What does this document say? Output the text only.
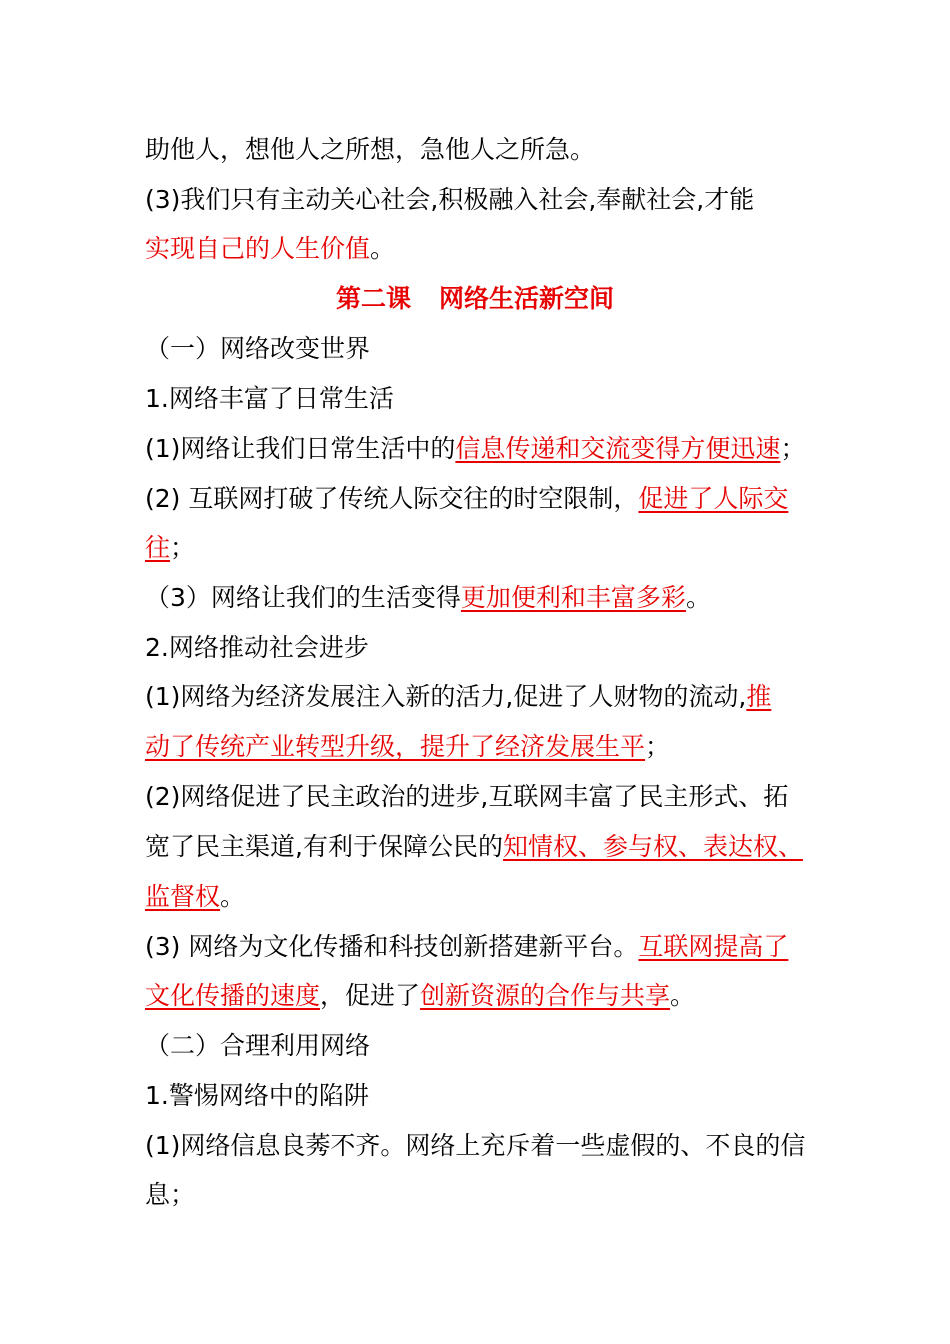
助他人，想他人之所想，急他人之所急。
(3)我们只有主动关心社会,积极融入社会,奉献社会,才能
实现自己的人生价值。
第二课 网络生活新空间
（一）网络改变世界
1.网络丰富了日常生活
(1)网络让我们日常生活中的信息传递和交流变得方便迅速；
(2) 互联网打破了传统人际交往的时空限制，促进了人际交
往；
（3）网络让我们的生活变得更加便利和丰富多彩。
2.网络推动社会进步
(1)网络为经济发展注入新的活力,促进了人财物的流动,推
动了传统产业转型升级，提升了经济发展生平；
(2)网络促进了民主政治的进步,互联网丰富了民主形式、拓
宽了民主渠道,有利于保障公民的知情权、参与权、表达权、
监督权。
(3) 网络为文化传播和科技创新搭建新平台。互联网提高了
文化传播的速度，促进了创新资源的合作与共享。
（二）合理利用网络
1.警惕网络中的陷阱
(1)网络信息良莠不齐。网络上充斥着一些虚假的、不良的信
息；
